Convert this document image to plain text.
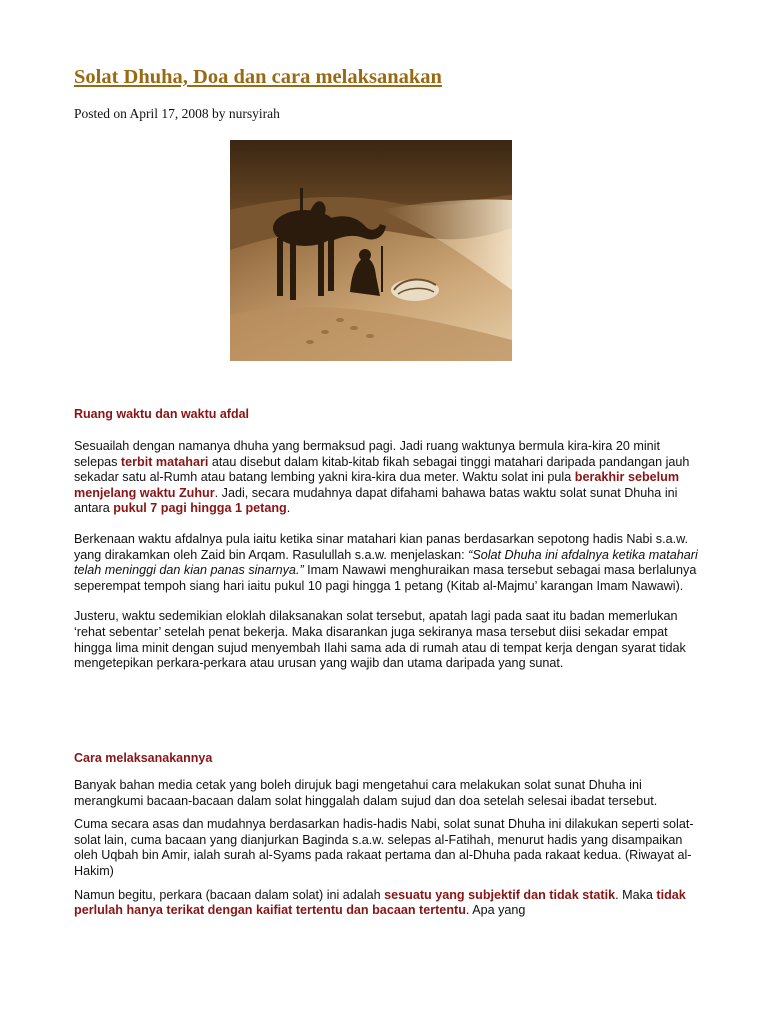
Solat Dhuha, Doa dan cara melaksanakan
Posted on April 17, 2008 by nursyirah

Ruang waktu dan waktu afdal

Sesuailah dengan namanya dhuha yang bermaksud pagi. Jadi ruang waktunya bermula kira-kira 20 minit selepas terbit matahari atau disebut dalam kitab-kitab fikah sebagai tinggi matahari daripada pandangan jauh sekadar satu al-Rumh atau batang lembing yakni kira-kira dua meter. Waktu solat ini pula berakhir sebelum menjelang waktu Zuhur. Jadi, secara mudahnya dapat difahami bahawa batas waktu solat sunat Dhuha ini antara pukul 7 pagi hingga 1 petang.

Berkenaan waktu afdalnya pula iaitu ketika sinar matahari kian panas berdasarkan sepotong hadis Nabi s.a.w. yang dirakamkan oleh Zaid bin Arqam. Rasulullah s.a.w. menjelaskan: “Solat Dhuha ini afdalnya ketika matahari telah meninggi dan kian panas sinarnya.” Imam Nawawi menghuraikan masa tersebut sebagai masa berlalunya seperempat tempoh siang hari iaitu pukul 10 pagi hingga 1 petang (Kitab al-Majmu’ karangan Imam Nawawi).

Justeru, waktu sedemikian eloklah dilaksanakan solat tersebut, apatah lagi pada saat itu badan memerlukan ‘rehat sebentar’ setelah penat bekerja. Maka disarankan juga sekiranya masa tersebut diisi sekadar empat hingga lima minit dengan sujud menyembah Ilahi sama ada di rumah atau di tempat kerja dengan syarat tidak mengetepikan perkara-perkara atau urusan yang wajib dan utama daripada yang sunat.

Cara melaksanakannya

Banyak bahan media cetak yang boleh dirujuk bagi mengetahui cara melakukan solat sunat Dhuha ini merangkumi bacaan-bacaan dalam solat hinggalah dalam sujud dan doa setelah selesai ibadat tersebut.

Cuma secara asas dan mudahnya berdasarkan hadis-hadis Nabi, solat sunat Dhuha ini dilakukan seperti solat-solat lain, cuma bacaan yang dianjurkan Baginda s.a.w. selepas al-Fatihah, menurut hadis yang disampaikan oleh Uqbah bin Amir, ialah surah al-Syams pada rakaat pertama dan al-Dhuha pada rakaat kedua. (Riwayat al-Hakim)

Namun begitu, perkara (bacaan dalam solat) ini adalah sesuatu yang subjektif dan tidak statik. Maka tidak perlulah hanya terikat dengan kaifiat tertentu dan bacaan tertentu. Apa yang
